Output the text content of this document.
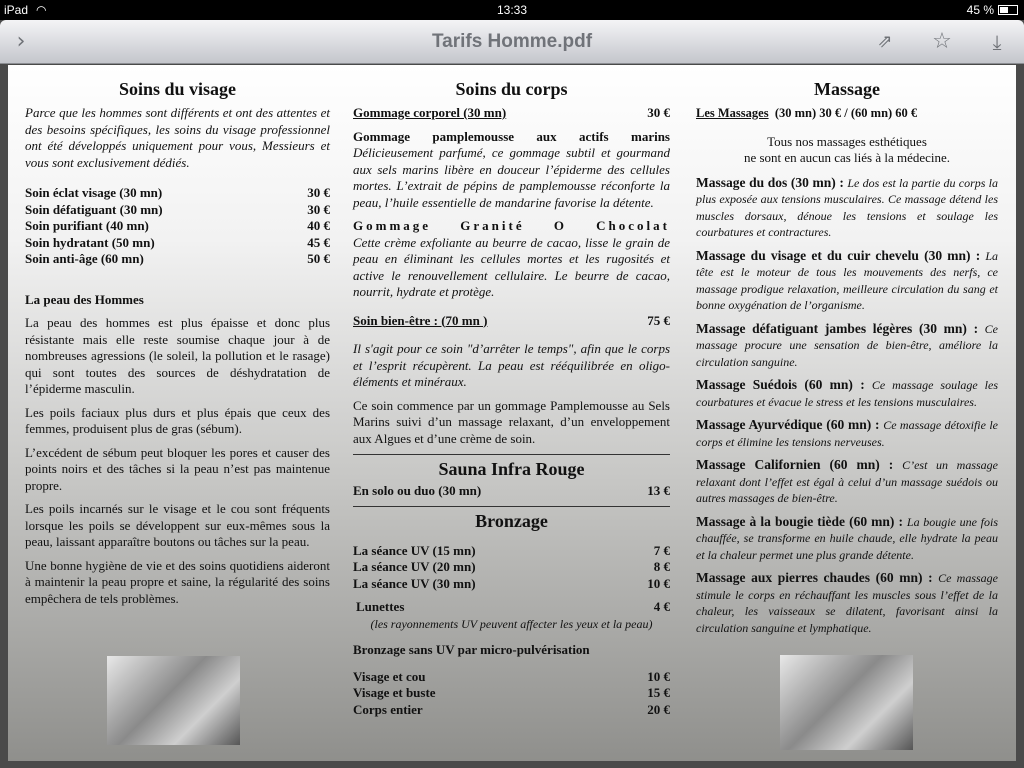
iPad ◠	13:33	45 %
›	Tarifs Homme.pdf	⇗	☆	⤓
Soins du visage

Parce que les hommes sont différents et ont des attentes et des besoins spécifiques, les soins du visage professionnel ont été développés uniquement pour vous, Messieurs et vous sont exclusivement dédiés.

Soin éclat visage (30 mn)	30 €
Soin défatiguant (30 mn)	30 €
Soin purifiant (40 mn)	40 €
Soin hydratant (50 mn)	45 €
Soin anti-âge (60 mn)	50 €
La peau des Hommes

La peau des hommes est plus épaisse et donc plus résistante mais elle reste soumise chaque jour à de nombreuses agressions (le soleil, la pollution et le rasage) qui sont toutes des sources de déshydratation de l’épiderme masculin.

Les poils faciaux plus durs et plus épais que ceux des femmes, produisent plus de gras (sébum).

L’excédent de sébum peut bloquer les pores et causer des points noirs et des tâches si la peau n’est pas maintenue propre.

Les poils incarnés sur le visage et le cou sont fréquents lorsque les poils se développent sur eux-mêmes sous la peau, laissant apparaître boutons ou tâches sur la peau.

Une bonne hygiène de vie et des soins quotidiens aideront à maintenir la peau propre et saine, la régularité des soins empêchera de tels problèmes.

Soins du corps
Gommage corporel (30 mn)	30 €

Gommage pamplemousse aux actifs marins
Délicieusement parfumé, ce gommage subtil et gourmand aux sels marins libère en douceur l’épiderme des cellules mortes. L’extrait de pépins de pamplemousse réconforte la peau, l’huile essentielle de mandarine favorise la détente.

Gommage Granité O Chocolat
Cette crème exfoliante au beurre de cacao, lisse le grain de peau en éliminant les cellules mortes et les rugosités et active le renouvellement cellulaire. Le beurre de cacao, nourrit, hydrate et protège.

Soin bien-être : (70 mn )	75 €

Il s'agit pour ce soin "d’arrêter le temps", afin que le corps et l’esprit récupèrent. La peau est rééquilibrée en oligo-éléments et minéraux.

Ce soin commence par un gommage Pamplemousse au Sels Marins suivi d’un massage relaxant, d’un enveloppement aux Algues et d’une crème de soin.

Sauna Infra Rouge
En solo ou duo (30 mn)	13 €
Bronzage
La séance UV (15 mn)	7 €
La séance UV (20 mn)	8 €
La séance UV (30 mn)	10 €
Lunettes	4 €
(les rayonnements UV peuvent affecter les yeux et la peau)
Bronzage sans UV par micro-pulvérisation
Visage et cou	10 €
Visage et buste	15 €
Corps entier	20 €
Massage
Les Massages (30 mn) 30 € / (60 mn) 60 €
Tous nos massages esthétiques
ne sont en aucun cas liés à la médecine.

Massage du dos (30 mn) : Le dos est la partie du corps la plus exposée aux tensions musculaires. Ce massage détend les muscles dorsaux, dénoue les tensions et soulage les courbatures et contractures.

Massage du visage et du cuir chevelu (30 mn) : La tête est le moteur de tous les mouvements des nerfs, ce massage prodigue relaxation, meilleure circulation du sang et bonne oxygénation de l’organisme.

Massage défatiguant jambes légères (30 mn) : Ce massage procure une sensation de bien-être, améliore la circulation sanguine.

Massage Suédois (60 mn) : Ce massage soulage les courbatures et évacue le stress et les tensions musculaires.

Massage Ayurvédique (60 mn) : Ce massage détoxifie le corps et élimine les tensions nerveuses.

Massage Californien (60 mn) : C’est un massage relaxant dont l’effet est égal à celui d’un massage suédois ou autres massages de bien-être.

Massage à la bougie tiède (60 mn) : La bougie une fois chauffée, se transforme en huile chaude, elle hydrate la peau et la chaleur permet une plus grande détente.

Massage aux pierres chaudes (60 mn) : Ce massage stimule le corps en réchauffant les muscles sous l’effet de la chaleur, les vaisseaux se dilatent, favorisant ainsi la circulation sanguine et lymphatique.
